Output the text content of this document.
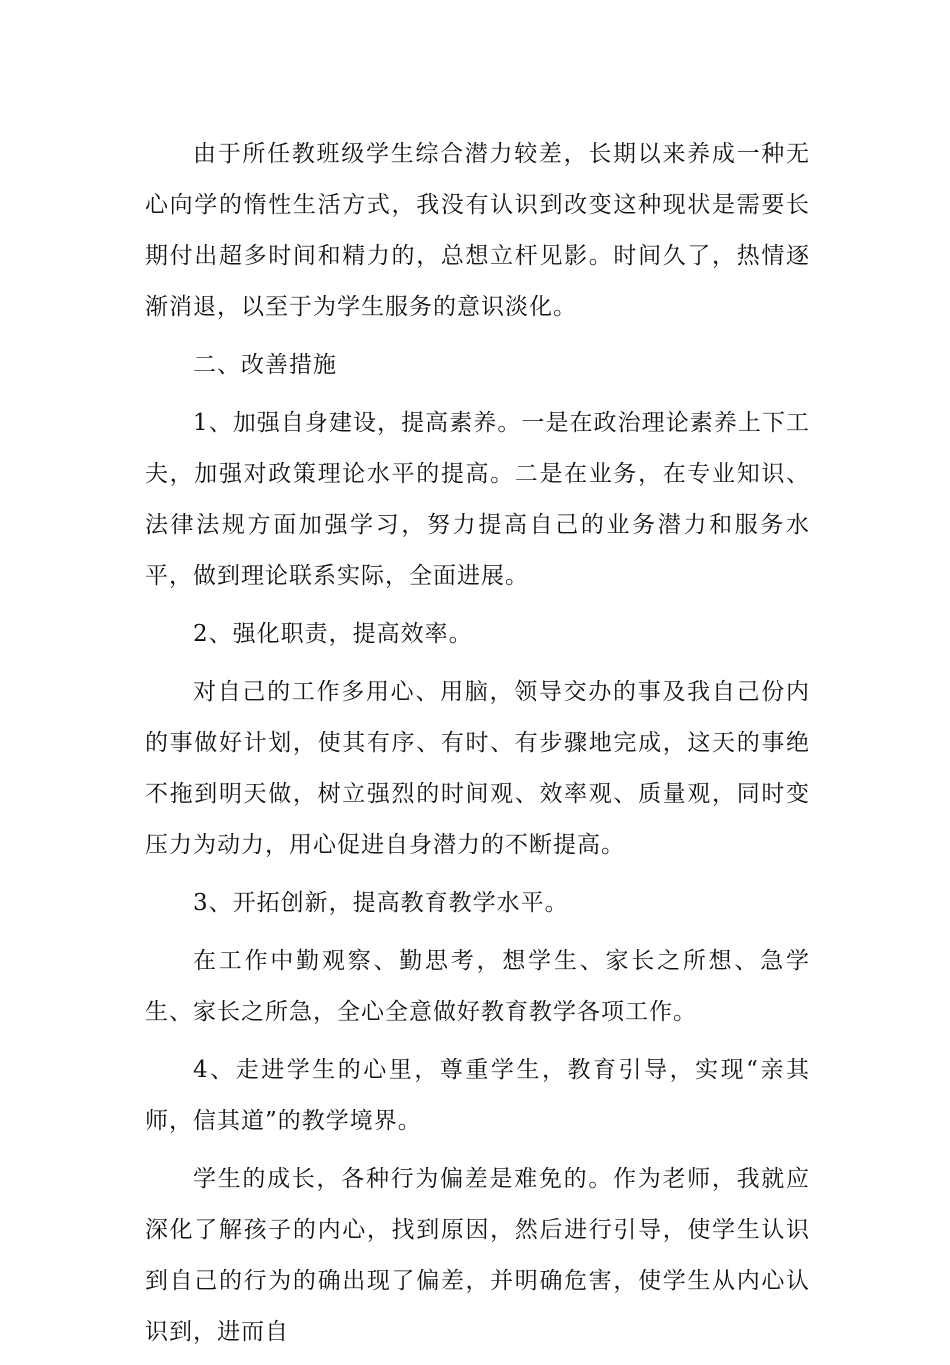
由于所任教班级学生综合潜力较差，长期以来养成一种无心向学的惰性生活方式，我没有认识到改变这种现状是需要长期付出超多时间和精力的，总想立杆见影。时间久了，热情逐渐消退，以至于为学生服务的意识淡化。

二、改善措施

1、加强自身建设，提高素养。一是在政治理论素养上下工夫，加强对政策理论水平的提高。二是在业务，在专业知识、法律法规方面加强学习，努力提高自己的业务潜力和服务水平，做到理论联系实际，全面进展。

2、强化职责，提高效率。

对自己的工作多用心、用脑，领导交办的事及我自己份内的事做好计划，使其有序、有时、有步骤地完成，这天的事绝不拖到明天做，树立强烈的时间观、效率观、质量观，同时变压力为动力，用心促进自身潜力的不断提高。

3、开拓创新，提高教育教学水平。

在工作中勤观察、勤思考，想学生、家长之所想、急学生、家长之所急，全心全意做好教育教学各项工作。

4、走进学生的心里，尊重学生，教育引导，实现“亲其师，信其道”的教学境界。

学生的成长，各种行为偏差是难免的。作为老师，我就应深化了解孩子的内心，找到原因，然后进行引导，使学生认识到自己的行为的确出现了偏差，并明确危害，使学生从内心认识到，进而自
